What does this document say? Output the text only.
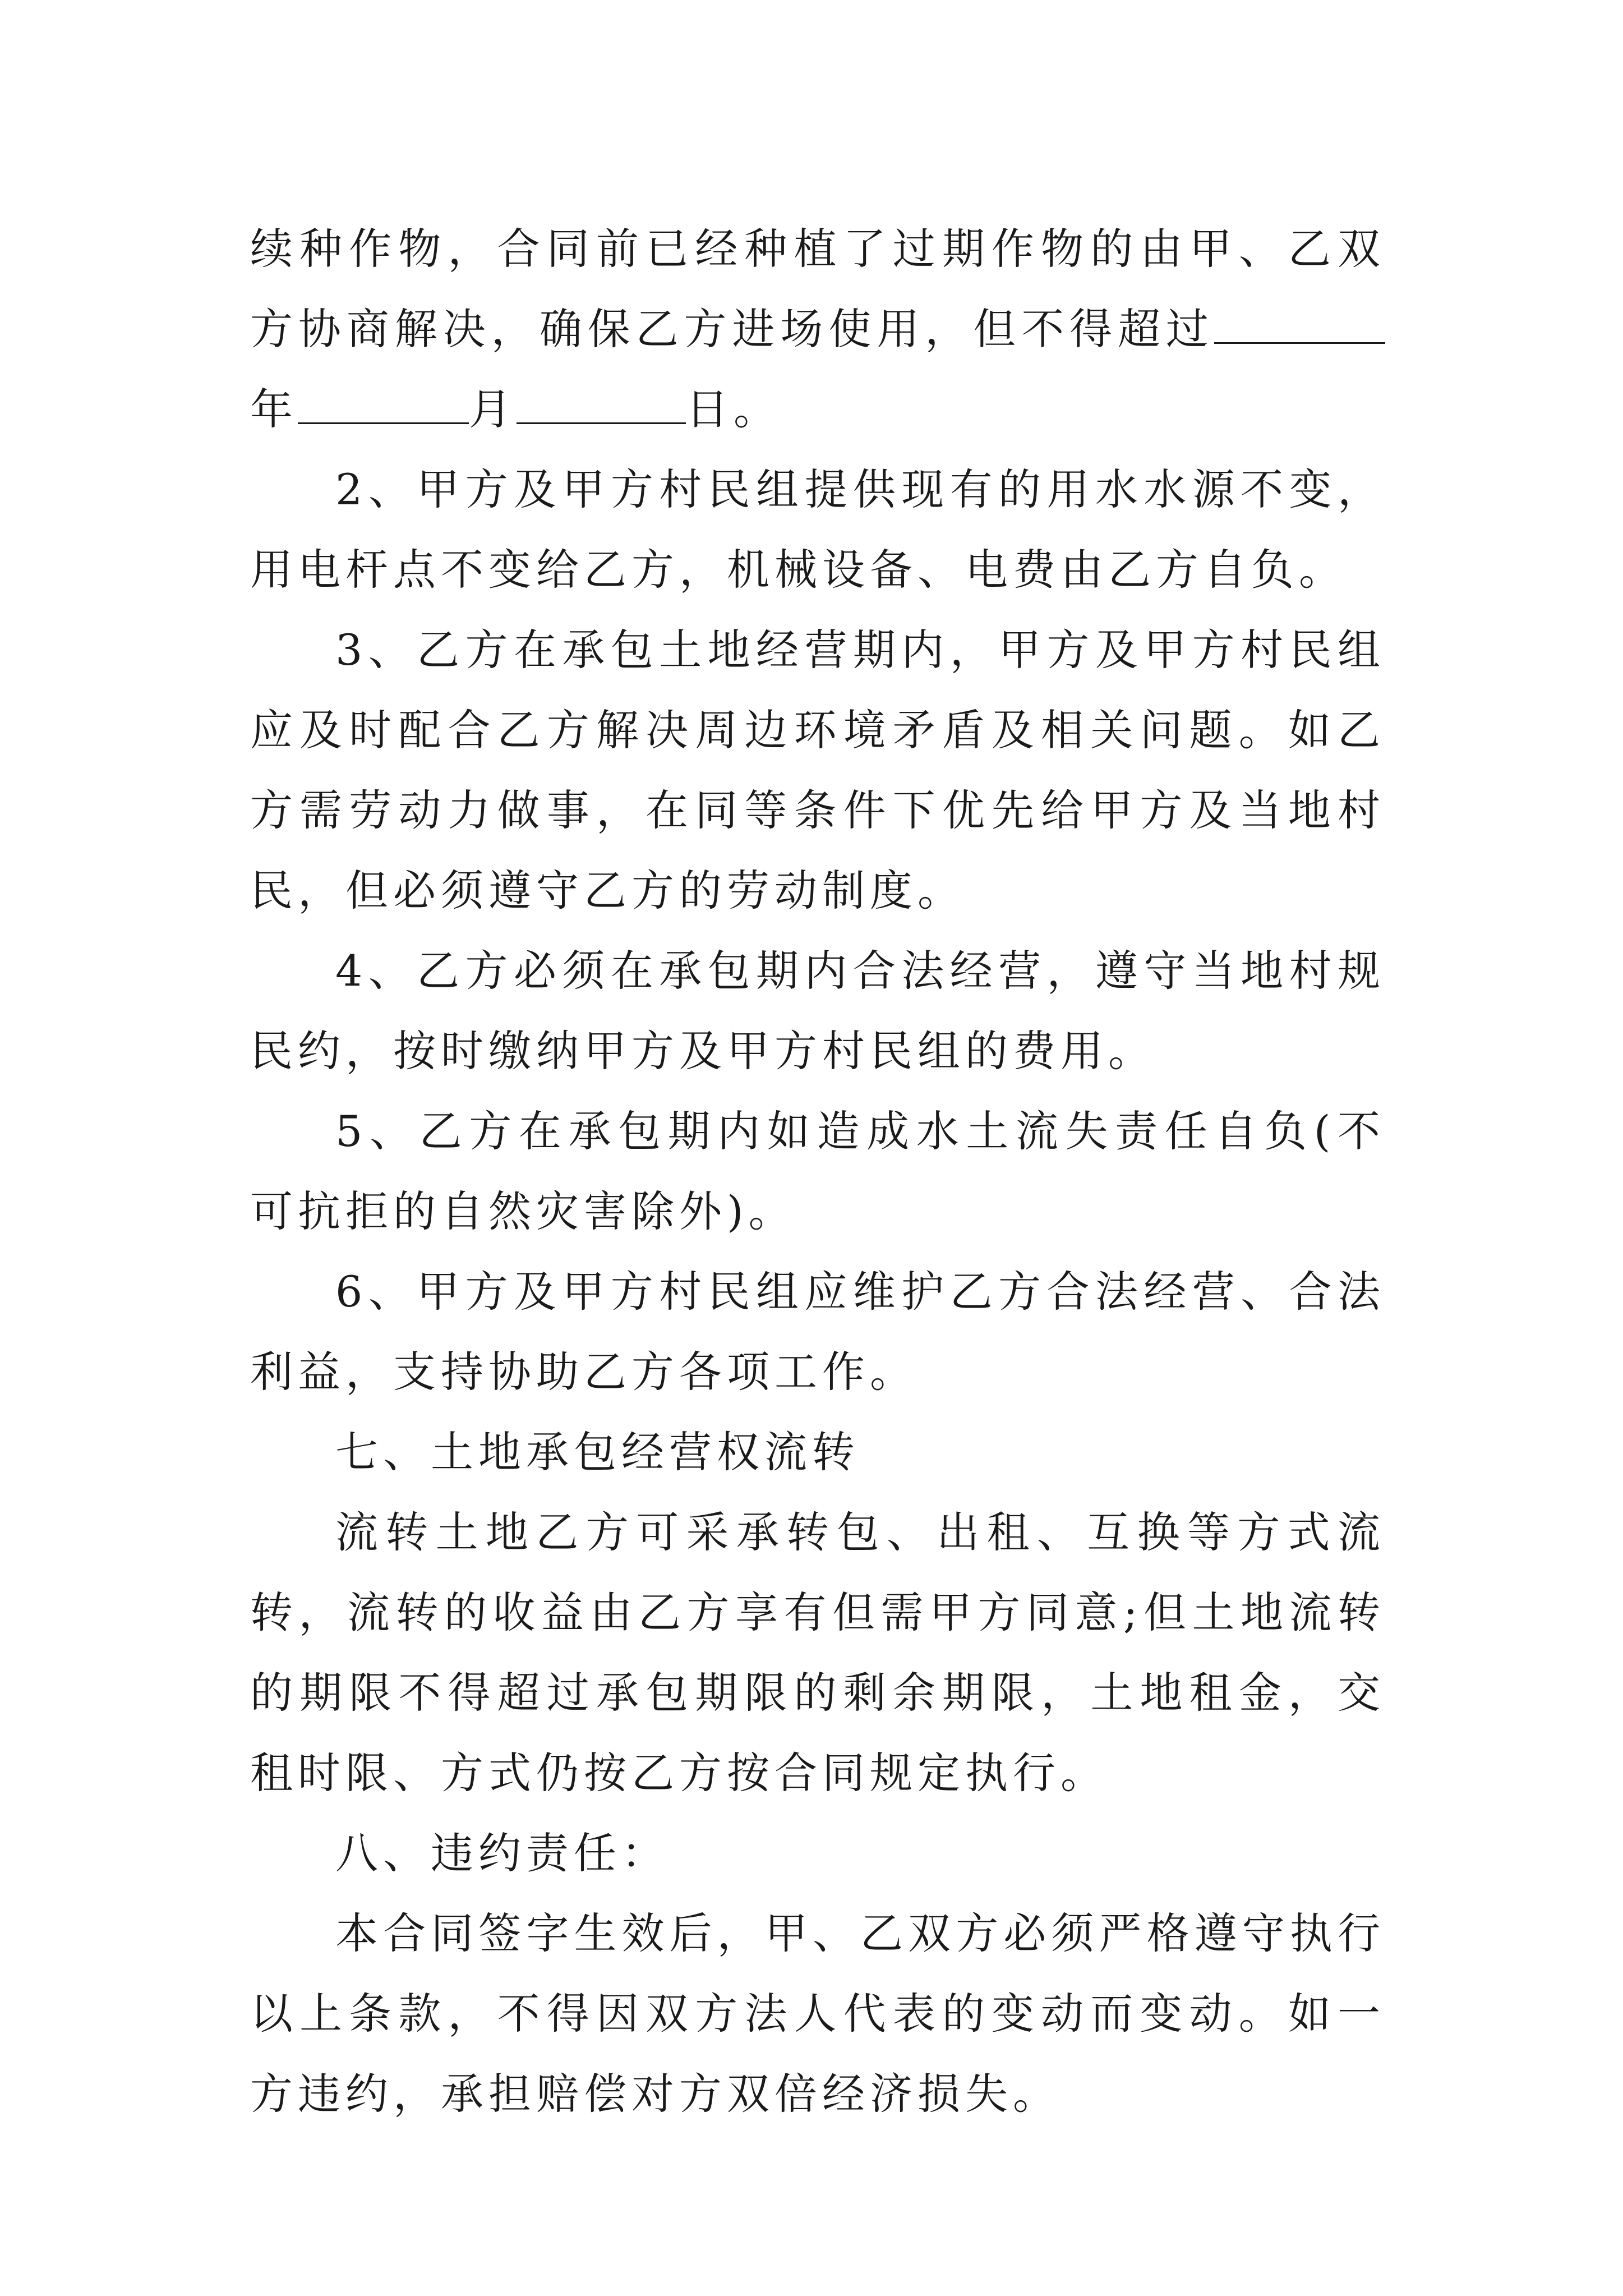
续种作物，合同前已经种植了过期作物的由甲、乙双方协商解决，确保乙方进场使用，但不得超过年	月	日。

2、甲方及甲方村民组提供现有的用水水源不变，用电杆点不变给乙方，机械设备、电费由乙方自负。

3、乙方在承包土地经营期内，甲方及甲方村民组应及时配合乙方解决周边环境矛盾及相关问题。如乙方需劳动力做事，在同等条件下优先给甲方及当地村民，但必须遵守乙方的劳动制度。

4、乙方必须在承包期内合法经营，遵守当地村规民约，按时缴纳甲方及甲方村民组的费用。

5、乙方在承包期内如造成水土流失责任自负(不可抗拒的自然灾害除外)。

6、甲方及甲方村民组应维护乙方合法经营、合法利益，支持协助乙方各项工作。

七、土地承包经营权流转

流转土地乙方可采承转包、出租、互换等方式流转，流转的收益由乙方享有但需甲方同意;但土地流转的期限不得超过承包期限的剩余期限，土地租金，交租时限、方式仍按乙方按合同规定执行。

八、违约责任：

本合同签字生效后，甲、乙双方必须严格遵守执行以上条款，不得因双方法人代表的变动而变动。如一方违约，承担赔偿对方双倍经济损失。
